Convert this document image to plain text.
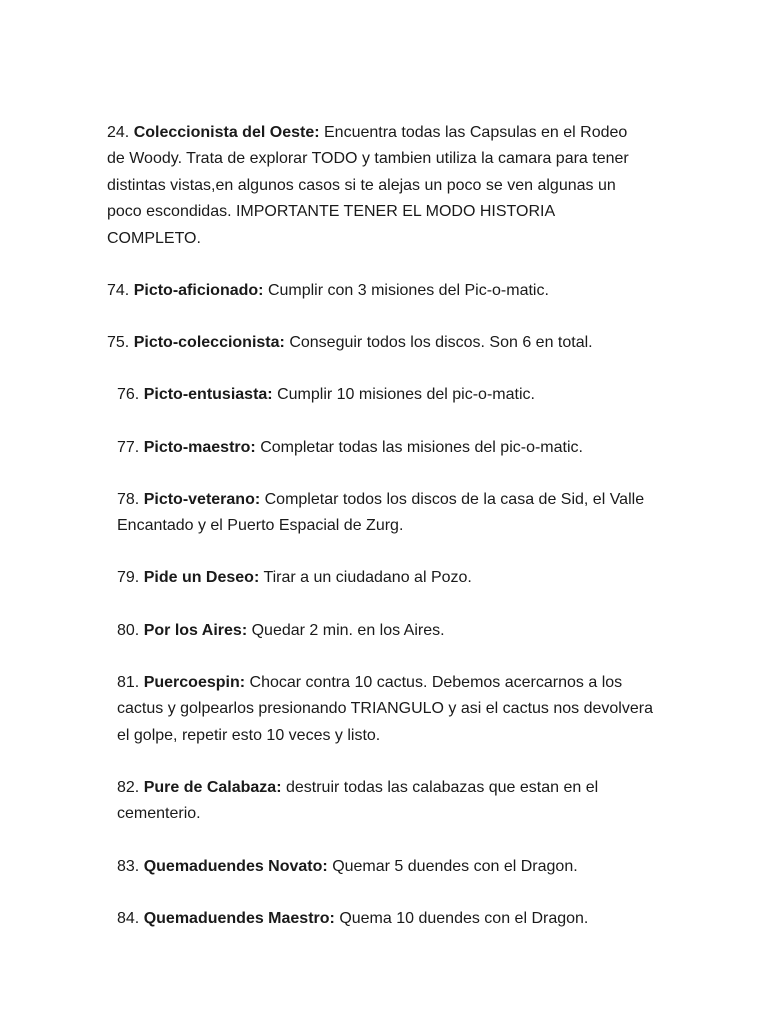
24. Coleccionista del Oeste: Encuentra todas las Capsulas en el Rodeo de Woody. Trata de explorar TODO y tambien utiliza la camara para tener distintas vistas,en algunos casos si te alejas un poco se ven algunas un poco escondidas. IMPORTANTE TENER EL MODO HISTORIA COMPLETO.

74. Picto-aficionado: Cumplir con 3 misiones del Pic-o-matic.

75. Picto-coleccionista: Conseguir todos los discos. Son 6 en total.

76. Picto-entusiasta: Cumplir 10 misiones del pic-o-matic.

77. Picto-maestro: Completar todas las misiones del pic-o-matic.

78. Picto-veterano: Completar todos los discos de la casa de Sid, el Valle Encantado y el Puerto Espacial de Zurg.

79. Pide un Deseo: Tirar a un ciudadano al Pozo.

80. Por los Aires: Quedar 2 min. en los Aires.

81. Puercoespin: Chocar contra 10 cactus. Debemos acercarnos a los cactus y golpearlos presionando TRIANGULO y asi el cactus nos devolvera el golpe, repetir esto 10 veces y listo.

82. Pure de Calabaza: destruir todas las calabazas que estan en el cementerio.

83. Quemaduendes Novato: Quemar 5 duendes con el Dragon.

84. Quemaduendes Maestro: Quema 10 duendes con el Dragon.
